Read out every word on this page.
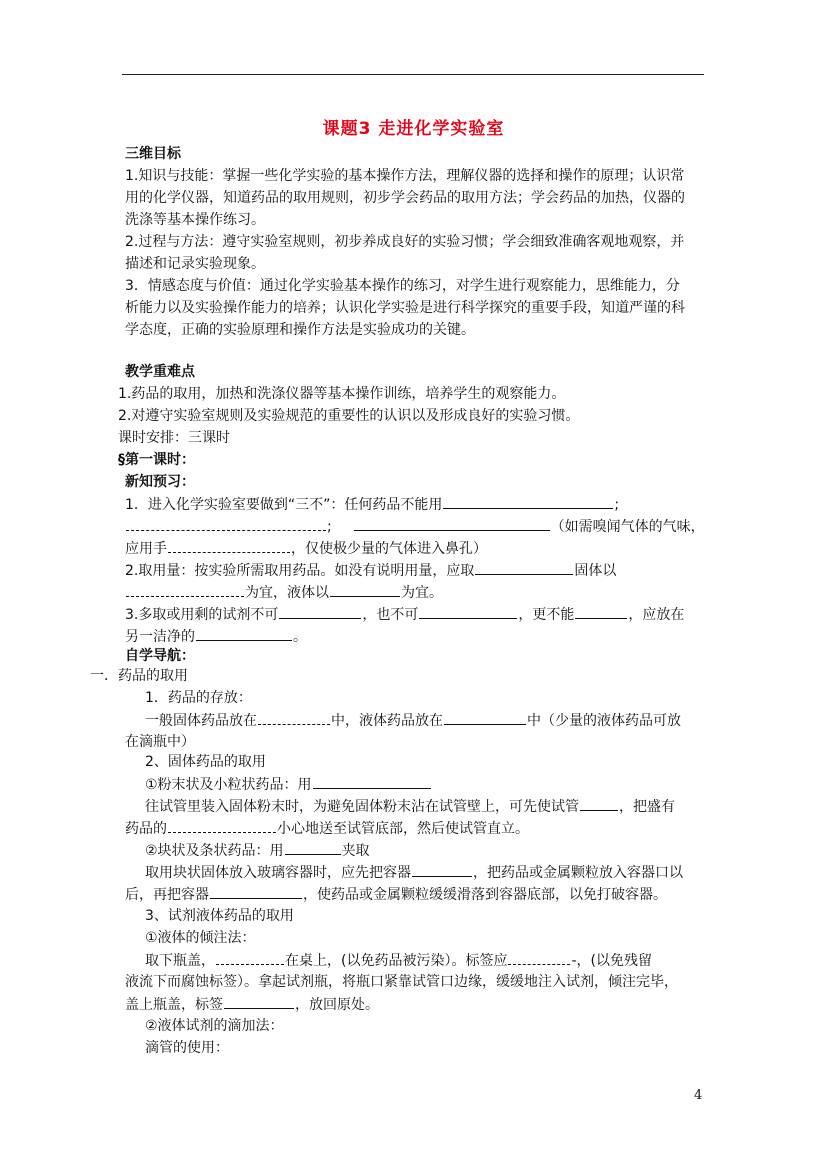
课题3 走进化学实验室
三维目标
1.知识与技能：掌握一些化学实验的基本操作方法，理解仪器的选择和操作的原理；认识常
用的化学仪器，知道药品的取用规则，初步学会药品的取用方法；学会药品的加热，仪器的
洗涤等基本操作练习。
2.过程与方法：遵守实验室规则，初步养成良好的实验习惯；学会细致准确客观地观察，并
描述和记录实验现象。
3．情感态度与价值：通过化学实验基本操作的练习，对学生进行观察能力，思维能力，分
析能力以及实验操作能力的培养；认识化学实验是进行科学探究的重要手段，知道严谨的科
学态度，正确的实验原理和操作方法是实验成功的关键。
教学重难点
1.药品的取用，加热和洗涤仪器等基本操作训练，培养学生的观察能力。
2.对遵守实验室规则及实验规范的重要性的认识以及形成良好的实验习惯。
课时安排：三课时
§第一课时：
新知预习：
1．进入化学实验室要做到“三不”：任何药品不能用	;
;	（如需嗅闻气体的气味，
应用手	，仅使极少量的气体进入鼻孔）
2.取用量：按实验所需取用药品。如没有说明用量，应取	固体以
为宜，液体以	为宜。
3.多取或用剩的试剂不可	，也不可	，更不能	，应放在
另一洁净的	。
自学导航：
一．药品的取用
1．药品的存放：
一般固体药品放在	中，液体药品放在	中（少量的液体药品可放
在滴瓶中）
2、固体药品的取用
①粉末状及小粒状药品：用
往试管里装入固体粉末时，为避免固体粉末沾在试管壁上，可先使试管	，把盛有
药品的	小心地送至试管底部，然后使试管直立。
②块状及条状药品：用	夹取
取用块状固体放入玻璃容器时，应先把容器	，把药品或金属颗粒放入容器口以
后，再把容器	，使药品或金属颗粒缓缓滑落到容器底部，以免打破容器。
3、试剂液体药品的取用
①液体的倾注法：
取下瓶盖，	在桌上，(以免药品被污染）。标签应	-，(以免残留
液流下而腐蚀标签）。拿起试剂瓶，将瓶口紧靠试管口边缘，缓缓地注入试剂，倾注完毕，
盖上瓶盖，标签	，放回原处。
②液体试剂的滴加法：
滴管的使用：
4
